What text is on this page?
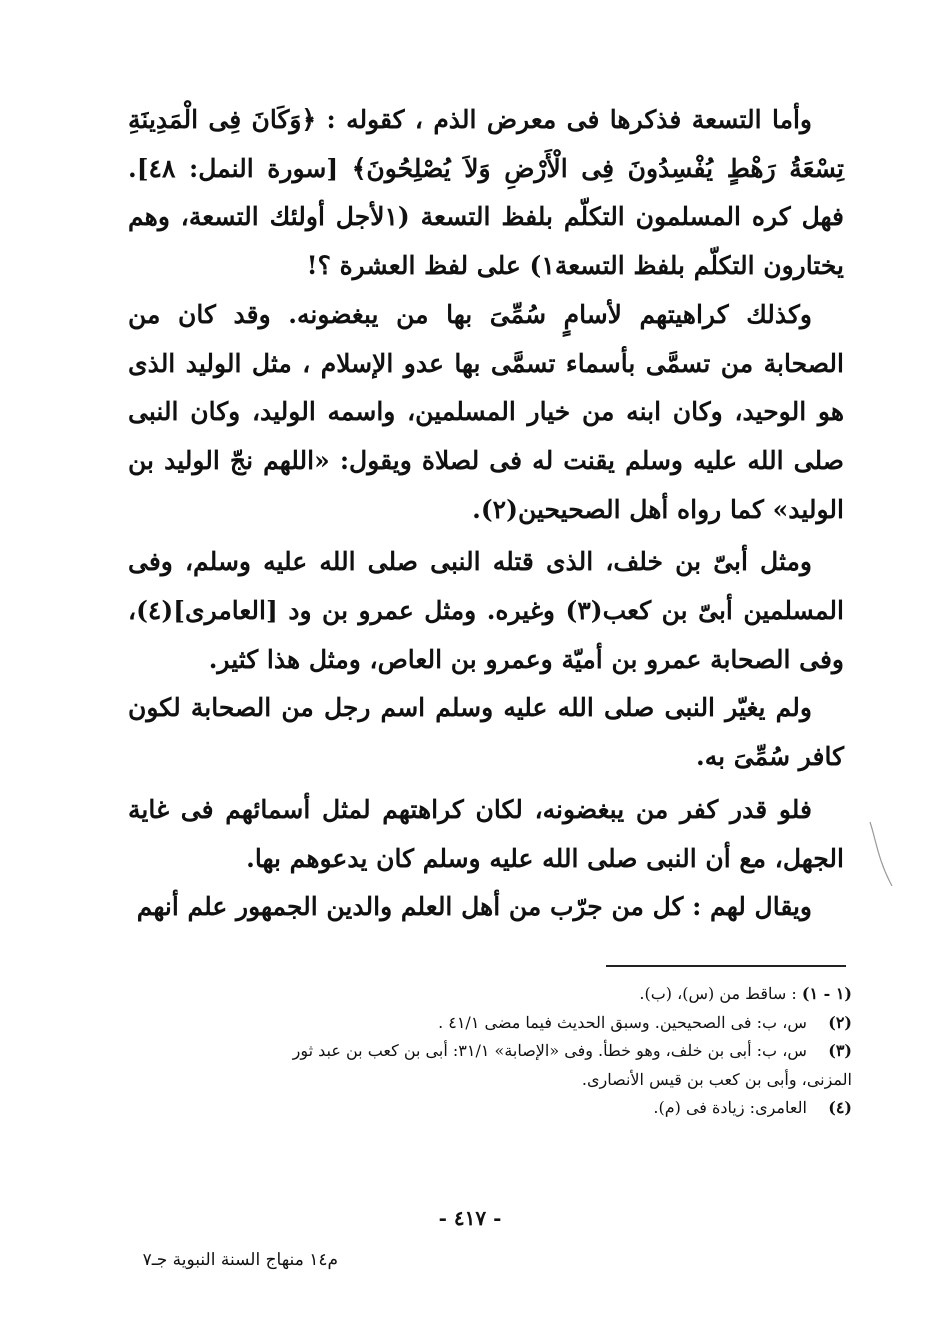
وأما التسعة فذكرها فى معرض الذم ، كقوله : ﴿وَكَانَ فِى الْمَدِينَةِ تِسْعَةُ رَهْطٍ يُفْسِدُونَ فِى الْأَرْضِ وَلاَ يُصْلِحُونَ﴾ [سورة النمل: ٤٨]. فهل كره المسلمون التكلّم بلفظ التسعة (١لأجل أولئك التسعة، وهم يختارون التكلّم بلفظ التسعة١) على لفظ العشرة ؟!

وكذلك كراهيتهم لأسامٍ سُمِّىَ بها من يبغضونه. وقد كان من الصحابة من تسمَّى بأسماء تسمَّى بها عدو الإسلام ، مثل الوليد الذى هو الوحيد، وكان ابنه من خيار المسلمين، واسمه الوليد، وكان النبى صلى الله عليه وسلم يقنت له فى لصلاة ويقول: «اللهم نجّ الوليد بن الوليد» كما رواه أهل الصحيحين(٢).

ومثل أبىّ بن خلف، الذى قتله النبى صلى الله عليه وسلم، وفى المسلمين أبىّ بن كعب(٣) وغيره. ومثل عمرو بن ود [العامرى](٤)، وفى الصحابة عمرو بن أميّة وعمرو بن العاص، ومثل هذا كثير.

ولم يغيّر النبى صلى الله عليه وسلم اسم رجل من الصحابة لكون كافر سُمِّىَ به.

فلو قدر كفر من يبغضونه، لكان كراهتهم لمثل أسمائهم فى غاية الجهل، مع أن النبى صلى الله عليه وسلم كان يدعوهم بها.

ويقال لهم : كل من جرّب من أهل العلم والدين الجمهور علم أنهم

(١ - ١) : ساقط من (س)، (ب).

(٢) س، ب: فى الصحيحين. وسبق الحديث فيما مضى ٤١/١ .

(٣) س، ب: أبى بن خلف، وهو خطأ. وفى «الإصابة» ٣١/١: أبى بن كعب بن عبد ثور

المزنى، وأبى بن كعب بن قيس الأنصارى.

(٤) العامرى: زيادة فى (م).

- ٤١٧ -
م١٤ منهاج السنة النبوية جـ٧
